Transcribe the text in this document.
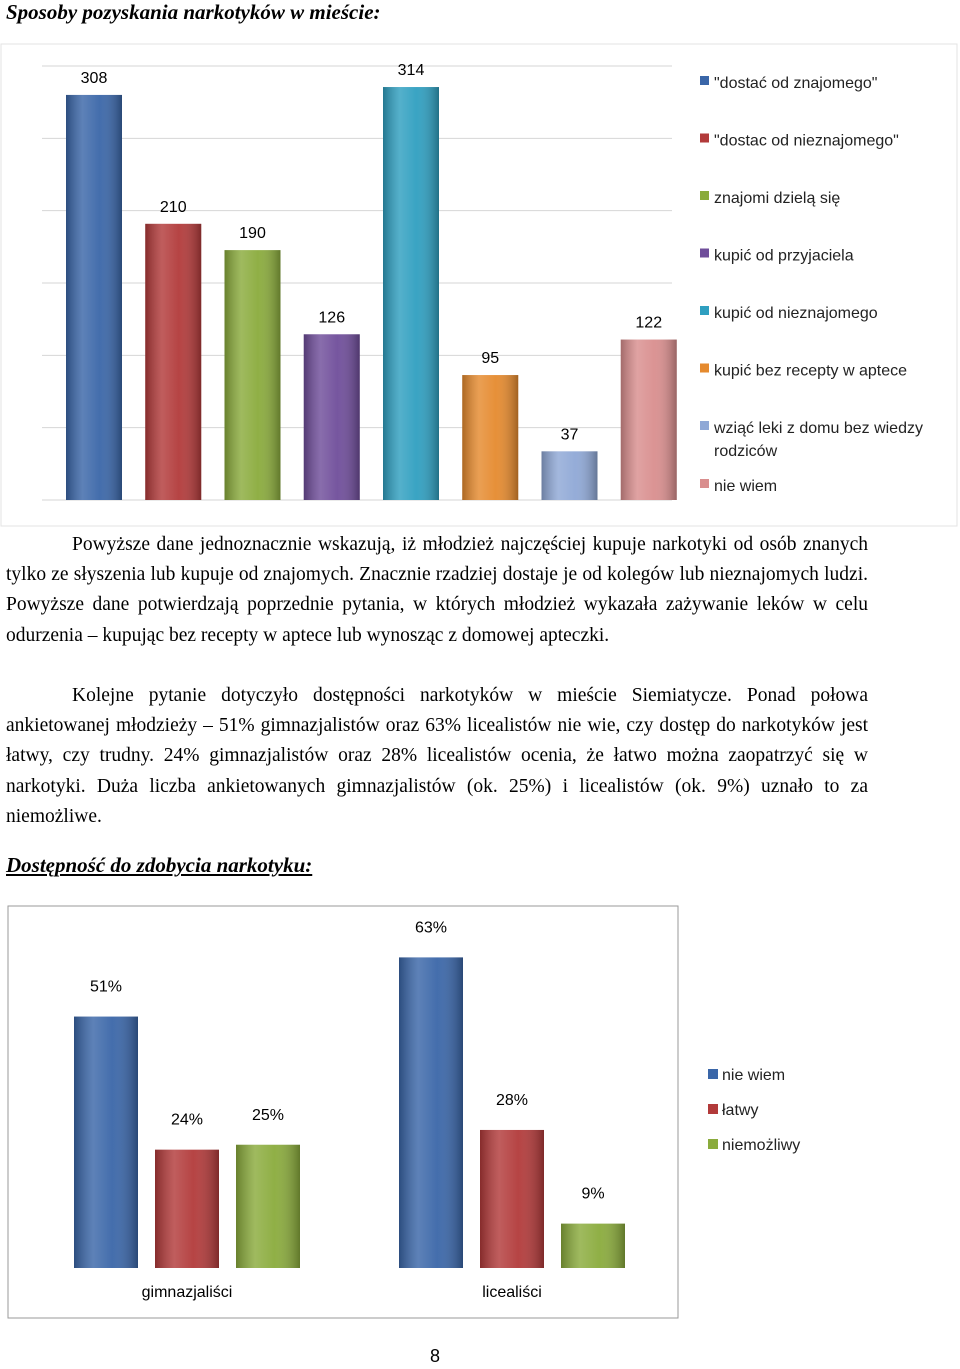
Sposoby pozyskania narkotyków w mieście:
308
210
190
126
314
95
37
122
"dostać od znajomego"
"dostac od nieznajomego"
znajomi dzielą się
kupić od przyjaciela
kupić od nieznajomego
kupić bez recepty w aptece
wziąć leki z domu bez wiedzy
rodziców
nie wiem

Powyższe dane jednoznacznie wskazują, iż młodzież najczęściej kupuje narkotyki od osób znanych tylko ze słyszenia lub kupuje od znajomych. Znacznie rzadziej dostaje je od kolegów lub nieznajomych ludzi. Powyższe dane potwierdzają poprzednie pytania, w których młodzież wykazała zażywanie leków w celu odurzenia – kupując bez recepty w aptece lub wynosząc z domowej apteczki.

Kolejne pytanie dotyczyło dostępności narkotyków w mieście Siemiatycze. Ponad połowa ankietowanej młodzieży – 51% gimnazjalistów oraz 63% licealistów nie wie, czy dostęp do narkotyków jest łatwy, czy trudny. 24% gimnazjalistów oraz 28% licealistów ocenia, że łatwo można zaopatrzyć się w narkotyki. Duża liczba ankietowanych gimnazjalistów (ok. 25%) i licealistów (ok. 9%) uznało to za niemożliwe.

Dostępność do zdobycia narkotyku:
51%
24%	25%
63%
28%
9%
gimnazjaliści	licealiści
nie wiem
łatwy
niemożliwy
8
